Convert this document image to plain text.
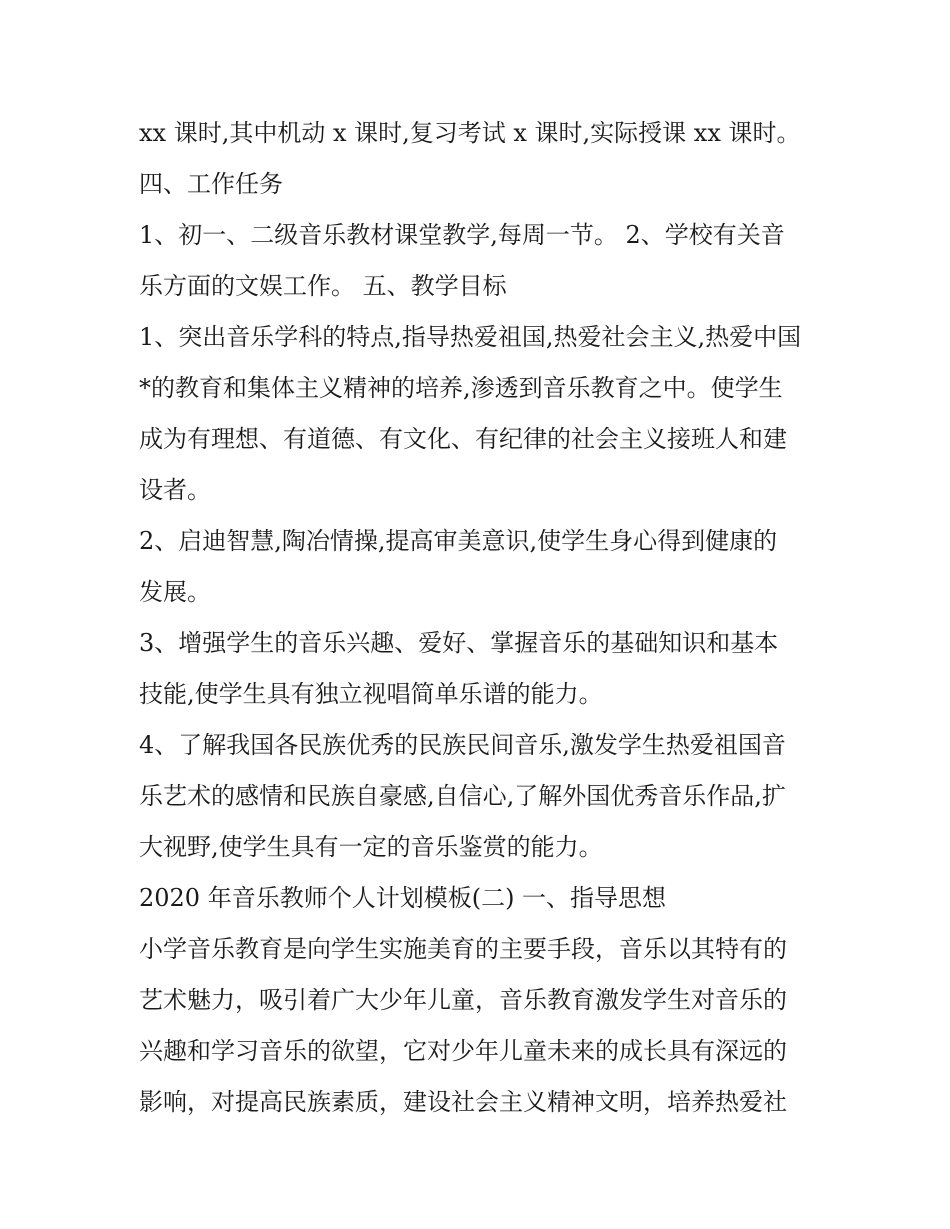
xx 课时,其中机动 x 课时,复习考试 x 课时,实际授课 xx 课时。
四、工作任务
1、初一、二级音乐教材课堂教学,每周一节。 2、学校有关音
乐方面的文娱工作。 五、教学目标
1、突出音乐学科的特点,指导热爱祖国,热爱社会主义,热爱中国
*的教育和集体主义精神的培养,渗透到音乐教育之中。使学生
成为有理想、有道德、有文化、有纪律的社会主义接班人和建
设者。
2、启迪智慧,陶冶情操,提高审美意识,使学生身心得到健康的
发展。
3、增强学生的音乐兴趣、爱好、掌握音乐的基础知识和基本
技能,使学生具有独立视唱简单乐谱的能力。
4、了解我国各民族优秀的民族民间音乐,激发学生热爱祖国音
乐艺术的感情和民族自豪感,自信心,了解外国优秀音乐作品,扩
大视野,使学生具有一定的音乐鉴赏的能力。
2020 年音乐教师个人计划模板(二) 一、指导思想
小学音乐教育是向学生实施美育的主要手段，音乐以其特有的
艺术魅力，吸引着广大少年儿童，音乐教育激发学生对音乐的
兴趣和学习音乐的欲望，它对少年儿童未来的成长具有深远的
影响，对提高民族素质，建设社会主义精神文明，培养热爱社
